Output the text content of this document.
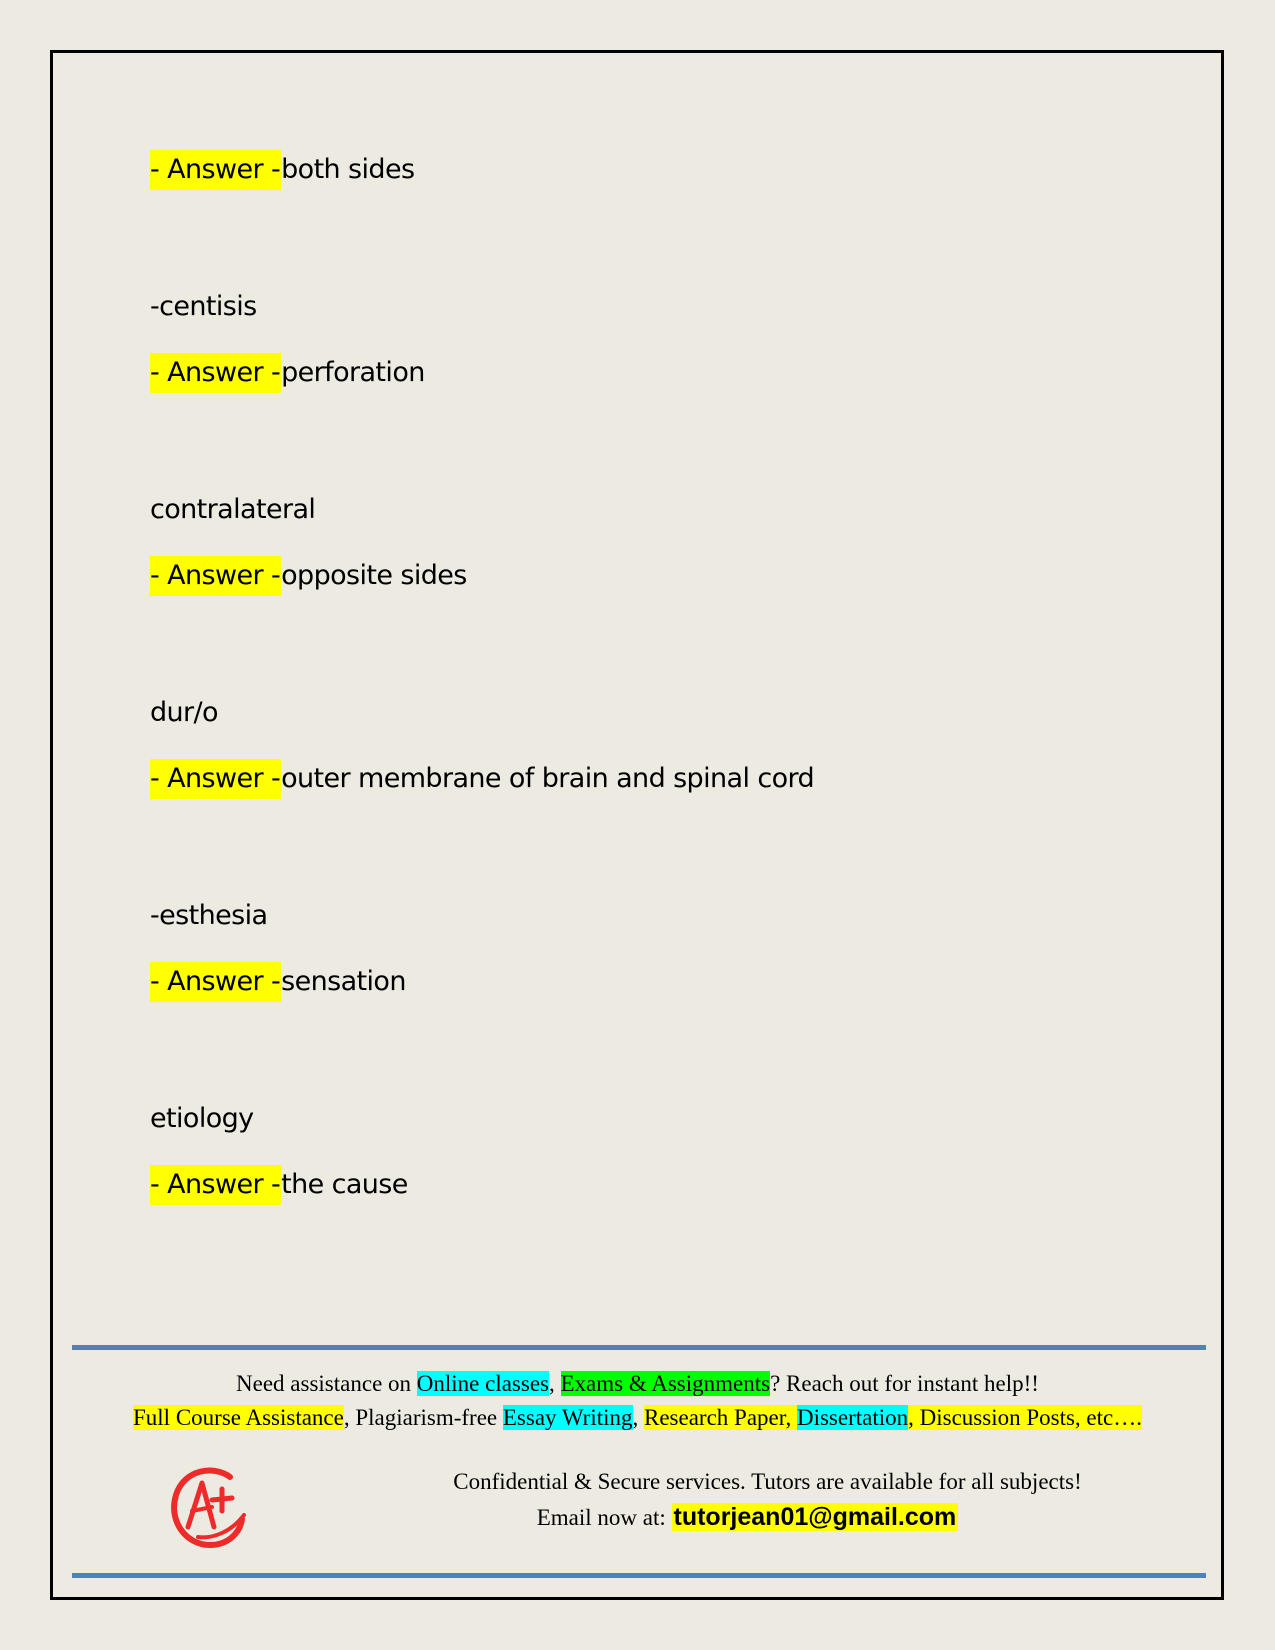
- Answer -both sides
-centisis
- Answer -perforation
contralateral
- Answer -opposite sides
dur/o
- Answer -outer membrane of brain and spinal cord
-esthesia
- Answer -sensation
etiology
- Answer -the cause
Need assistance on Online classes, Exams & Assignments? Reach out for instant help!!
Full Course Assistance, Plagiarism-free Essay Writing, Research Paper, Dissertation, Discussion Posts, etc….
Confidential & Secure services. Tutors are available for all subjects!
Email now at: tutorjean01@gmail.com
